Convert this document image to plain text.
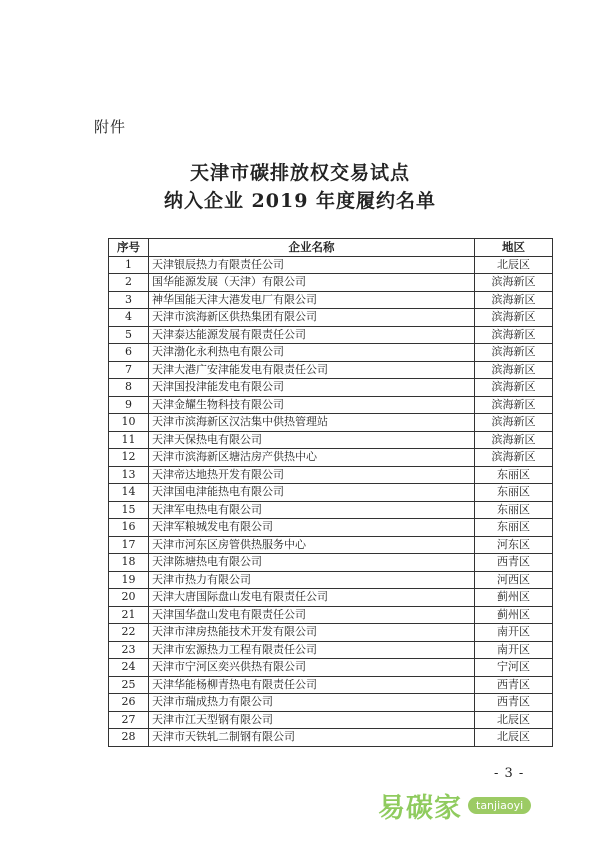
附件
天津市碳排放权交易试点
纳入企业 2019 年度履约名单
序号	企业名称	地区
1	天津银辰热力有限责任公司	北辰区
2	国华能源发展（天津）有限公司	滨海新区
3	神华国能天津大港发电厂有限公司	滨海新区
4	天津市滨海新区供热集团有限公司	滨海新区
5	天津泰达能源发展有限责任公司	滨海新区
6	天津渤化永利热电有限公司	滨海新区
7	天津大港广安津能发电有限责任公司	滨海新区
8	天津国投津能发电有限公司	滨海新区
9	天津金耀生物科技有限公司	滨海新区
10	天津市滨海新区汉沽集中供热管理站	滨海新区
11	天津天保热电有限公司	滨海新区
12	天津市滨海新区塘沽房产供热中心	滨海新区
13	天津帝达地热开发有限公司	东丽区
14	天津国电津能热电有限公司	东丽区
15	天津军电热电有限公司	东丽区
16	天津军粮城发电有限公司	东丽区
17	天津市河东区房管供热服务中心	河东区
18	天津陈塘热电有限公司	西青区
19	天津市热力有限公司	河西区
20	天津大唐国际盘山发电有限责任公司	蓟州区
21	天津国华盘山发电有限责任公司	蓟州区
22	天津市津房热能技术开发有限公司	南开区
23	天津市宏源热力工程有限责任公司	南开区
24	天津市宁河区奕兴供热有限公司	宁河区
25	天津华能杨柳青热电有限责任公司	西青区
26	天津市瑞成热力有限公司	西青区
27	天津市江天型钢有限公司	北辰区
28	天津市天铁轧二制钢有限公司	北辰区
- 3 -
易碳家	tanjiaoyi
